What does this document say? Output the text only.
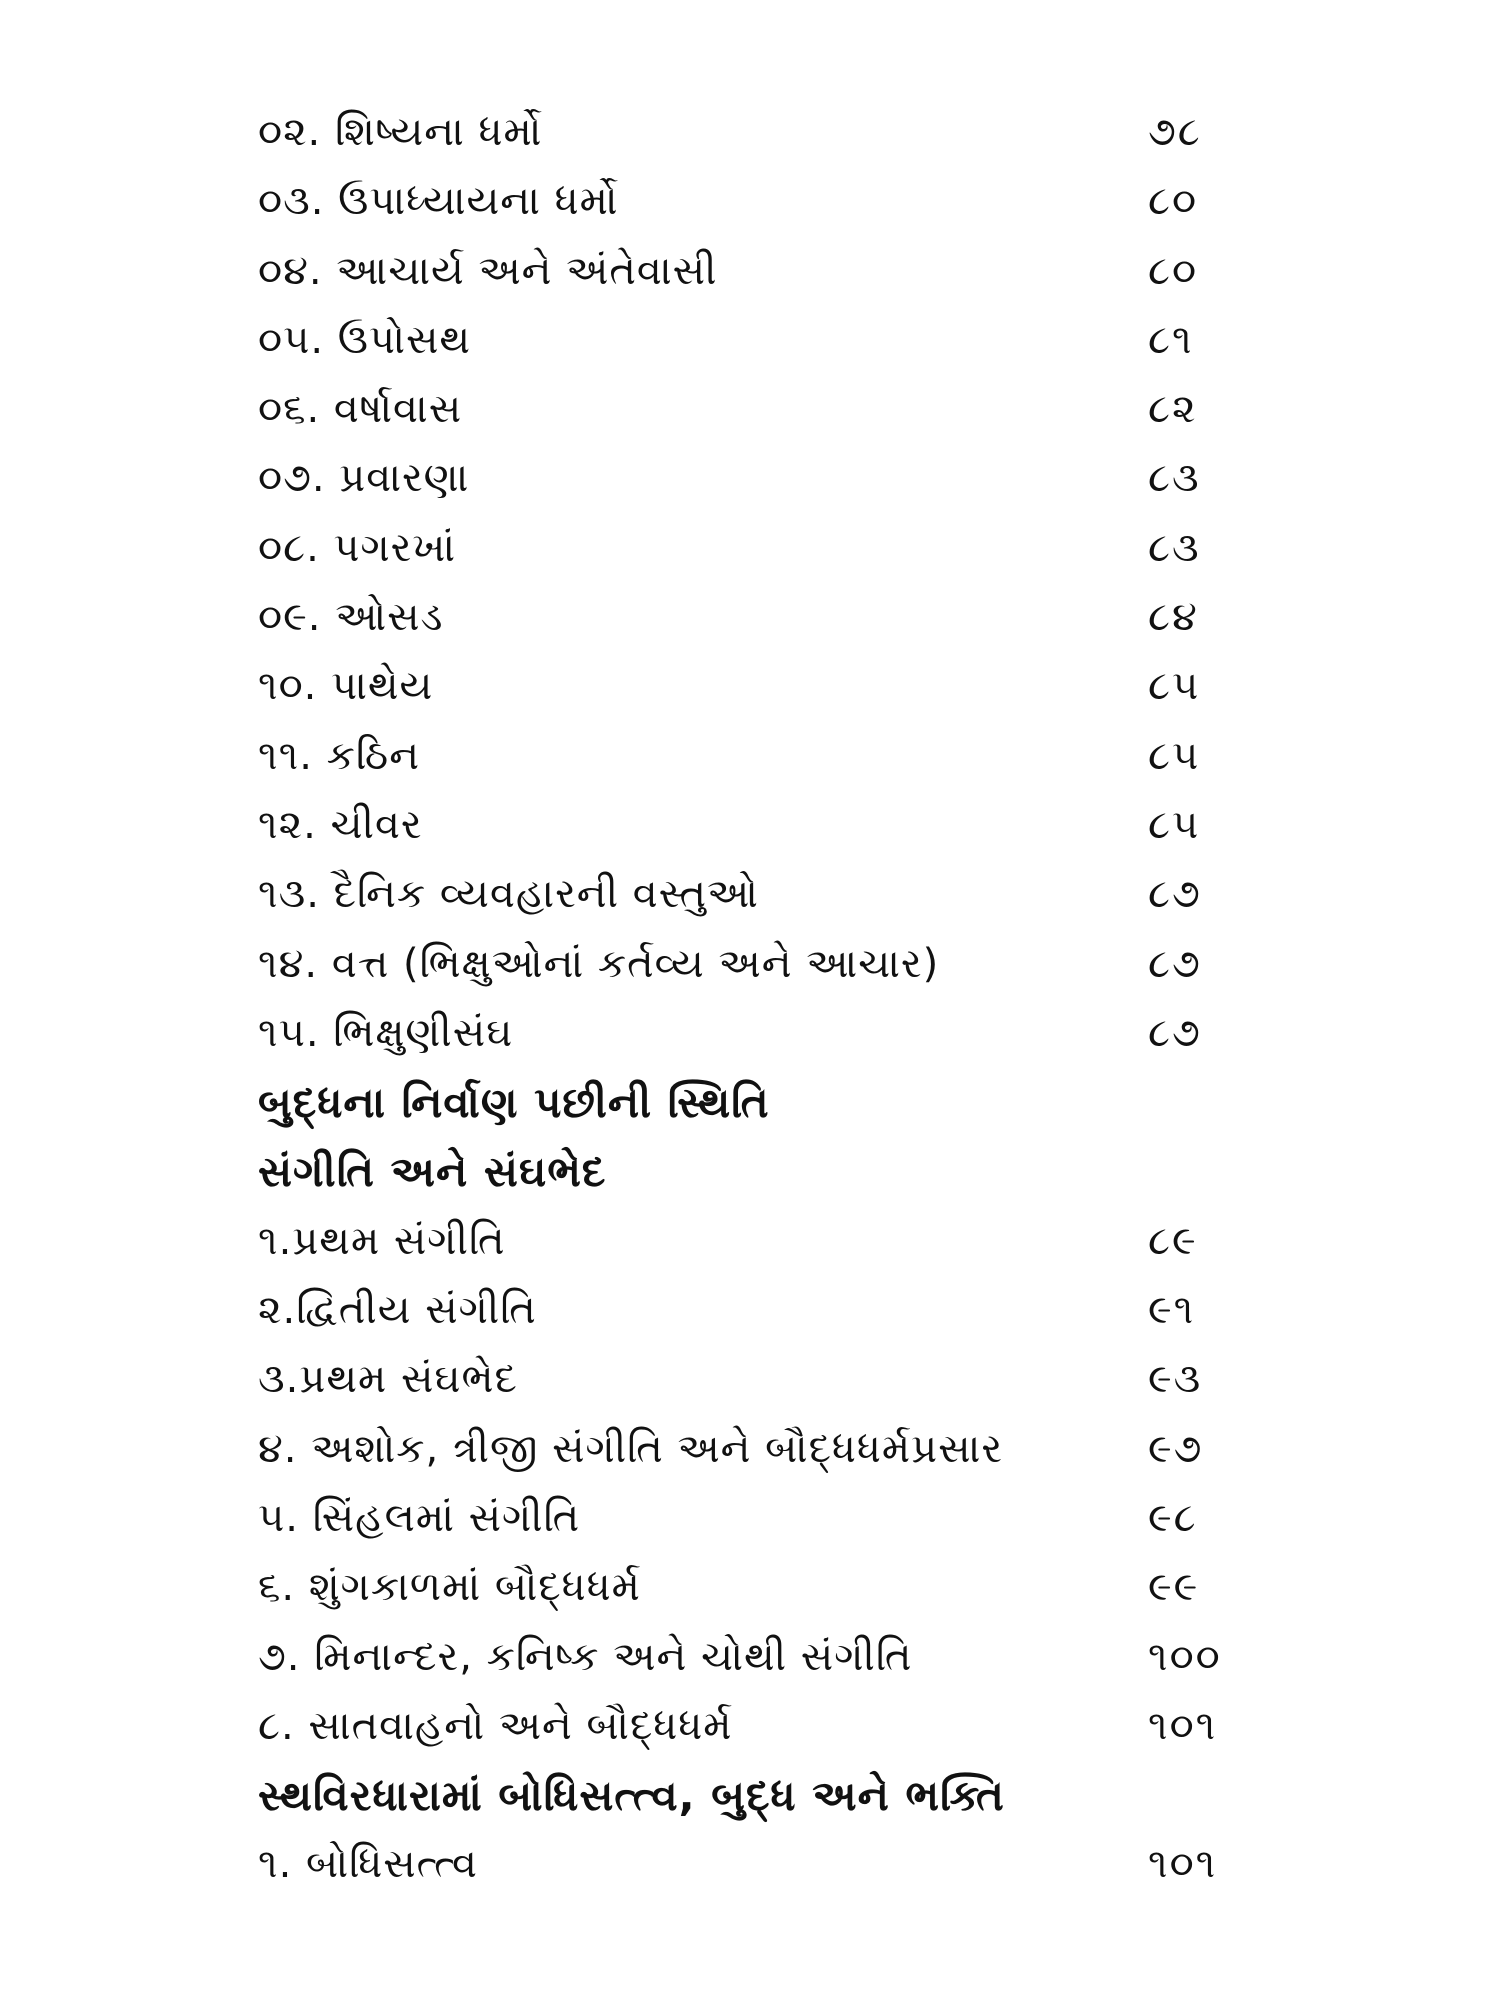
૦૨. શિષ્યના ધર્મો	૭૮
૦૩. ઉપાધ્યાયના ધર્મો	૮૦
૦૪. આચાર્ય અને અંતેવાસી	૮૦
૦૫. ઉપોસથ	૮૧
૦૬. વર્ષાવાસ	૮૨
૦૭. પ્રવારણા	૮૩
૦૮. પગરખાં	૮૩
૦૯. ઓસડ	૮૪
૧૦. પાથેય	૮૫
૧૧. કઠિન	૮૫
૧૨. ચીવર	૮૫
૧૩. દૈનિક વ્યવહારની વસ્તુઓ	૮૭
૧૪. વત્ત (ભિક્ષુઓનાં કર્તવ્ય અને આચાર)	૮૭
૧૫. ભિક્ષુણીસંઘ	૮૭
બુદ્ધના નિર્વાણ પછીની સ્થિતિ
સંગીતિ અને સંઘભેદ
૧.પ્રથમ સંગીતિ	૮૯
૨.દ્વિતીય સંગીતિ	૯૧
૩.પ્રથમ સંઘભેદ	૯૩
૪. અશોક, ત્રીજી સંગીતિ અને બૌદ્ધધર્મપ્રસાર	૯૭
૫. સિંહલમાં સંગીતિ	૯૮
૬. શુંગકાળમાં બૌદ્ધધર્મ	૯૯
૭. મિનાન્દર, કનિષ્ક અને ચોથી સંગીતિ	૧૦૦
૮. સાતવાહનો અને બૌદ્ધધર્મ	૧૦૧
સ્થવિરધારામાં બોધિસત્ત્વ, બુદ્ધ અને ભક્તિ
૧. બોધિસત્ત્વ	૧૦૧
